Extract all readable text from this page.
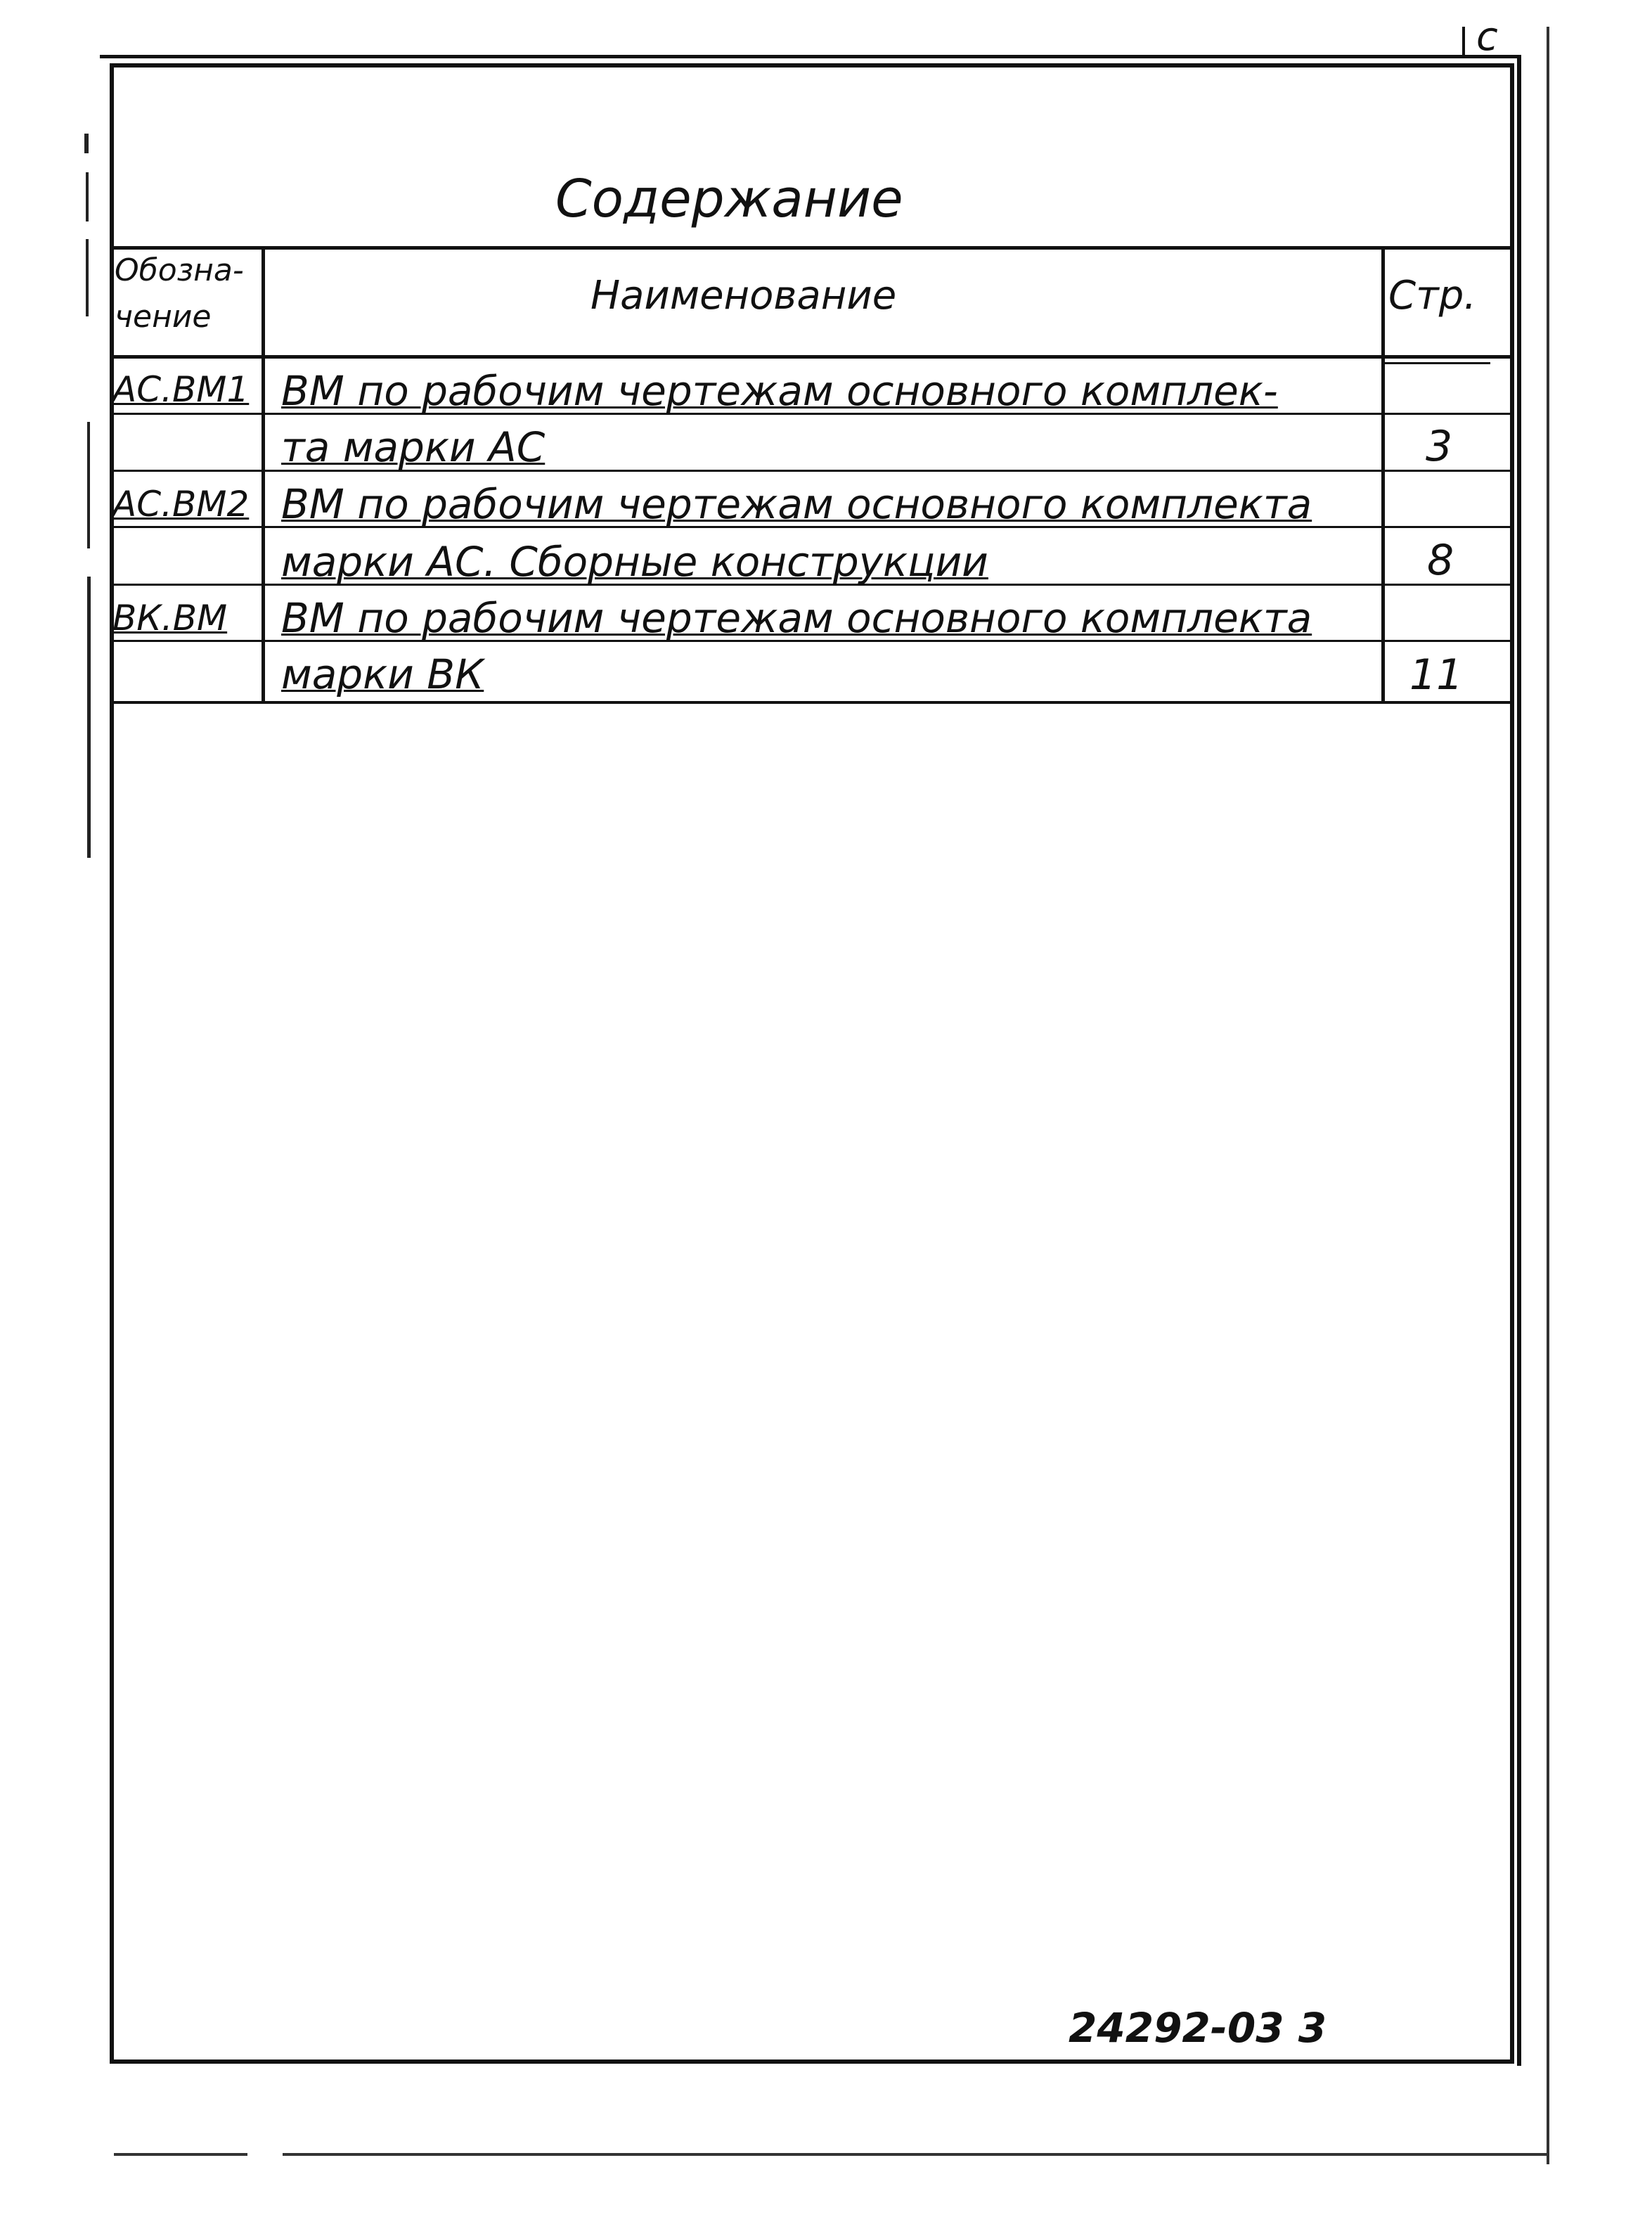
с
Содержание
Обозна-
чение	Наименование	Стр.
АС.ВМ1 ВМ по рабочим чертежам основного комплек-
та марки АС	3
АС.ВМ2 ВМ по рабочим чертежам основного комплекта
марки АС. Сборные конструкции	8
ВК.ВМ ВМ по рабочим чертежам основного комплекта
марки ВК	11
24292-03 3
